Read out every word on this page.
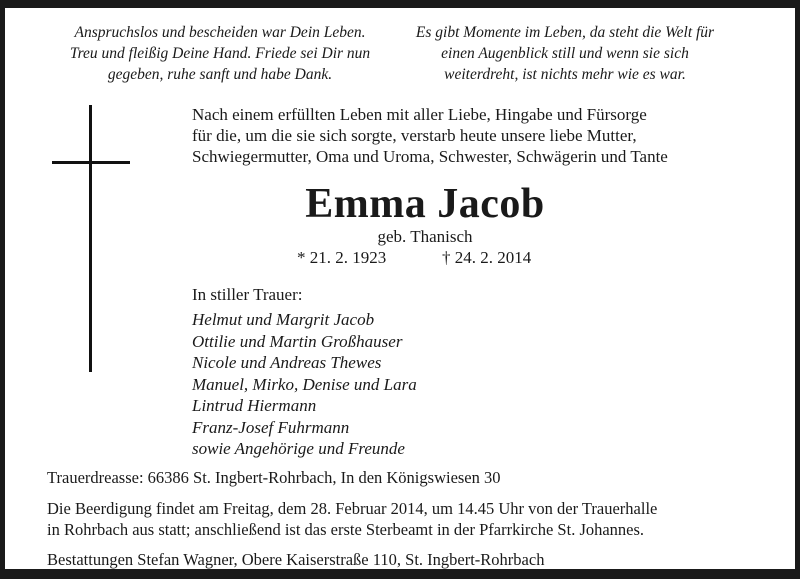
Anspruchslos und bescheiden war Dein Leben.
Treu und fleißig Deine Hand. Friede sei Dir nun
gegeben, ruhe sanft und habe Dank.
Es gibt Momente im Leben, da steht die Welt für
einen Augenblick still und wenn sie sich
weiterdreht, ist nichts mehr wie es war.
Nach einem erfüllten Leben mit aller Liebe, Hingabe und Fürsorge
für die, um die sie sich sorgte, verstarb heute unsere liebe Mutter,
Schwiegermutter, Oma und Uroma, Schwester, Schwägerin und Tante
Emma Jacob
geb. Thanisch
* 21. 2. 1923	† 24. 2. 2014
In stiller Trauer:
Helmut und Margrit Jacob
Ottilie und Martin Großhauser
Nicole und Andreas Thewes
Manuel, Mirko, Denise und Lara
Lintrud Hiermann
Franz-Josef Fuhrmann
sowie Angehörige und Freunde
Trauerdreasse: 66386 St. Ingbert-Rohrbach, In den Königswiesen 30
Die Beerdigung findet am Freitag, dem 28. Februar 2014, um 14.45 Uhr von der Trauerhalle
in Rohrbach aus statt; anschließend ist das erste Sterbeamt in der Pfarrkirche St. Johannes.
Bestattungen Stefan Wagner, Obere Kaiserstraße 110, St. Ingbert-Rohrbach
